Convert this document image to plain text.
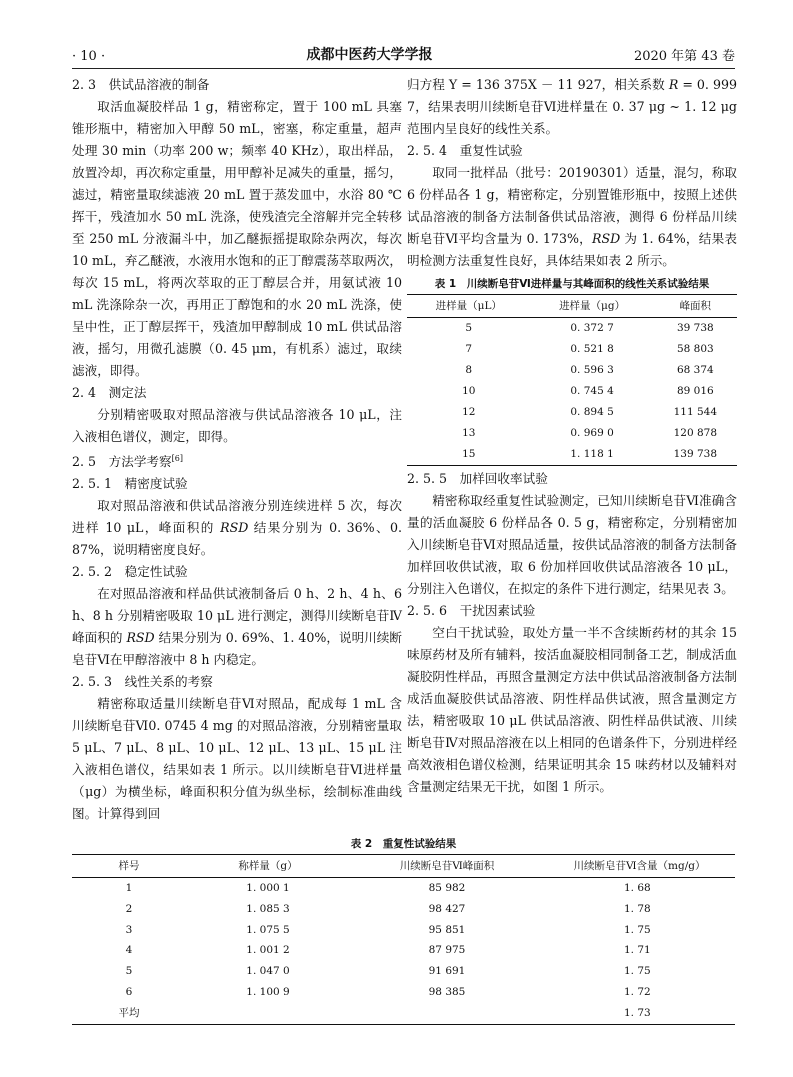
· 10 ·	成都中医药大学学报	2020 年第 43 卷

2. 3　供试品溶液的制备

取活血凝胶样品 1 g，精密称定，置于 100 mL 具塞锥形瓶中，精密加入甲醇 50 mL，密塞，称定重量，超声处理 30 min（功率 200 w；频率 40 KHz），取出样品，放置冷却，再次称定重量，用甲醇补足减失的重量，摇匀，滤过，精密量取续滤液 20 mL 置于蒸发皿中，水浴 80 ℃挥干，残渣加水 50 mL 洗涤，使残渣完全溶解并完全转移至 250 mL 分液漏斗中，加乙醚振摇提取除杂两次，每次 10 mL，弃乙醚液，水液用水饱和的正丁醇震荡萃取两次，每次 15 mL，将两次萃取的正丁醇层合并，用氨试液 10 mL 洗涤除杂一次，再用正丁醇饱和的水 20 mL 洗涤，使呈中性，正丁醇层挥干，残渣加甲醇制成 10 mL 供试品溶液，摇匀，用微孔滤膜（0. 45 μm，有机系）滤过，取续滤液，即得。

2. 4　测定法

分别精密吸取对照品溶液与供试品溶液各 10 μL，注入液相色谱仪，测定，即得。

2. 5　方法学考察[6]

2. 5. 1　精密度试验

取对照品溶液和供试品溶液分别连续进样 5 次，每次进样 10 μL，峰面积的 RSD 结果分别为 0. 36%、0. 87%，说明精密度良好。

2. 5. 2　稳定性试验

在对照品溶液和样品供试液制备后 0 h、2 h、4 h、6 h、8 h 分别精密吸取 10 μL 进行测定，测得川续断皂苷Ⅳ峰面积的 RSD 结果分别为 0. 69%、1. 40%，说明川续断皂苷Ⅵ在甲醇溶液中 8 h 内稳定。

2. 5. 3　线性关系的考察

精密称取适量川续断皂苷Ⅵ对照品，配成每 1 mL 含川续断皂苷Ⅵ0. 0745 4 mg 的对照品溶液，分别精密量取 5 μL、7 μL、8 μL、10 μL、12 μL、13 μL、15 μL 注入液相色谱仪，结果如表 1 所示。以川续断皂苷Ⅵ进样量（μg）为横坐标，峰面积积分值为纵坐标，绘制标准曲线图。计算得到回

归方程 Y = 136 375X － 11 927，相关系数 R = 0. 999 7，结果表明川续断皂苷Ⅵ进样量在 0. 37 μg ~ 1. 12 μg 范围内呈良好的线性关系。

2. 5. 4　重复性试验

取同一批样品（批号：20190301）适量，混匀，称取 6 份样品各 1 g，精密称定，分别置锥形瓶中，按照上述供试品溶液的制备方法制备供试品溶液，测得 6 份样品川续断皂苷Ⅵ平均含量为 0. 173%，RSD 为 1. 64%，结果表明检测方法重复性良好，具体结果如表 2 所示。

表 1　川续断皂苷Ⅵ进样量与其峰面积的线性关系试验结果
进样量（μL）	进样量（μg）	峰面积
5	0. 372 7	39 738
7	0. 521 8	58 803
8	0. 596 3	68 374
10	0. 745 4	89 016
12	0. 894 5	111 544
13	0. 969 0	120 878
15	1. 118 1	139 738

2. 5. 5　加样回收率试验

精密称取经重复性试验测定，已知川续断皂苷Ⅵ准确含量的活血凝胶 6 份样品各 0. 5 g，精密称定，分别精密加入川续断皂苷Ⅵ对照品适量，按供试品溶液的制备方法制备加样回收供试液，取 6 份加样回收供试品溶液各 10 μL，分别注入色谱仪，在拟定的条件下进行测定，结果见表 3。

2. 5. 6　干扰因素试验

空白干扰试验，取处方量一半不含续断药材的其余 15 味原药材及所有辅料，按活血凝胶相同制备工艺，制成活血凝胶阴性样品，再照含量测定方法中供试品溶液制备方法制成活血凝胶供试品溶液、阴性样品供试液，照含量测定方法，精密吸取 10 μL 供试品溶液、阴性样品供试液、川续断皂苷Ⅳ对照品溶液在以上相同的色谱条件下，分别进样经高效液相色谱仪检测，结果证明其余 15 味药材以及辅料对含量测定结果无干扰，如图 1 所示。

表 2　重复性试验结果
样号	称样量（g）	川续断皂苷Ⅵ峰面积	川续断皂苷Ⅵ含量（mg/g）
1	1. 000 1	85 982	1. 68
2	1. 085 3	98 427	1. 78
3	1. 075 5	95 851	1. 75
4	1. 001 2	87 975	1. 71
5	1. 047 0	91 691	1. 75
6	1. 100 9	98 385	1. 72
平均			1. 73
